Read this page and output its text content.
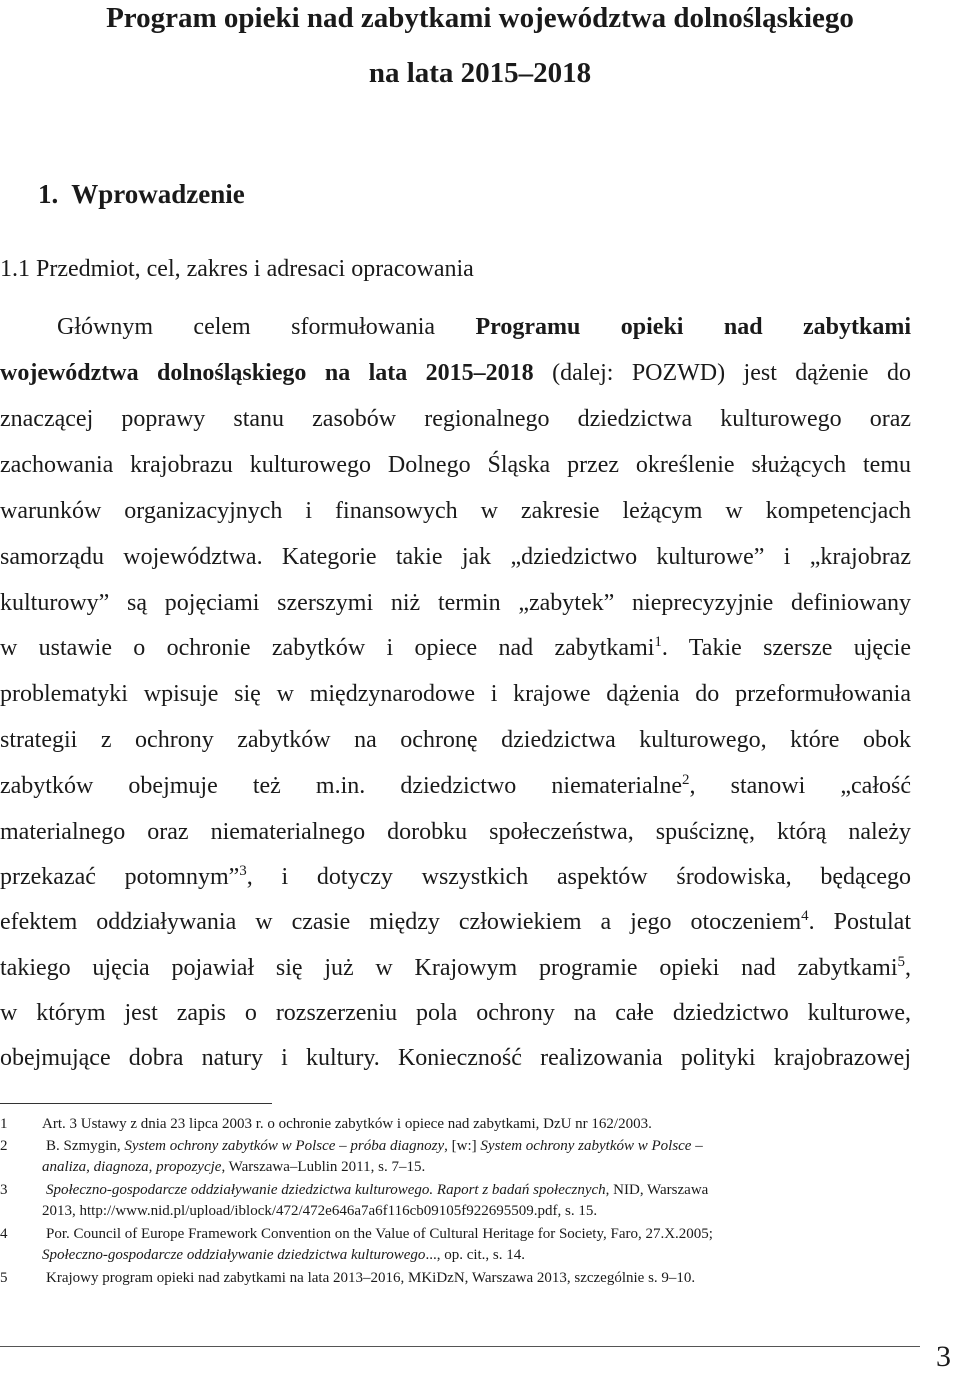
Program opieki nad zabytkami województwa dolnośląskiego
na lata 2015–2018
1.  Wprowadzenie
1.1 Przedmiot, cel, zakres i adresaci opracowania
Głównym celem sformułowania Programu opieki nad zabytkami
województwa dolnośląskiego na lata 2015–2018 (dalej: POZWD) jest dążenie do
znaczącej poprawy stanu zasobów regionalnego dziedzictwa kulturowego oraz
zachowania krajobrazu kulturowego Dolnego Śląska przez określenie służących temu
warunków organizacyjnych i finansowych w zakresie leżącym w kompetencjach
samorządu województwa. Kategorie takie jak „dziedzictwo kulturowe” i „krajobraz
kulturowy” są pojęciami szerszymi niż termin „zabytek” nieprecyzyjnie definiowany
w ustawie o ochronie zabytków i opiece nad zabytkami$^1$. Takie szersze ujęcie
problematyki wpisuje się w międzynarodowe i krajowe dążenia do przeformułowania
strategii z ochrony zabytków na ochronę dziedzictwa kulturowego, które obok
zabytków obejmuje też m.in. dziedzictwo niematerialne$^2$, stanowi „całość
materialnego oraz niematerialnego dorobku społeczeństwa, spuściznę, którą należy
przekazać potomnym”$^3$, i dotyczy wszystkich aspektów środowiska, będącego
efektem oddziaływania w czasie między człowiekiem a jego otoczeniem$^4$. Postulat
takiego ujęcia pojawiał się już w Krajowym programie opieki nad zabytkami$^5$,
w którym jest zapis o rozszerzeniu pola ochrony na całe dziedzictwo kulturowe,
obejmujące dobra natury i kultury. Konieczność realizowania polityki krajobrazowej
1 Art. 3 Ustawy z dnia 23 lipca 2003 r. o ochronie zabytków i opiece nad zabytkami, DzU nr 162/2003.
2	B. Szmygin, System ochrony zabytków w Polsce – próba diagnozy, [w:] System ochrony zabytków w Polsce –
analiza, diagnoza, propozycje, Warszawa–Lublin 2011, s. 7–15.
3	Społeczno-gospodarcze oddziaływanie dziedzictwa kulturowego. Raport z badań społecznych, NID, Warszawa
2013, http://www.nid.pl/upload/iblock/472/472e646a7a6f116cb09105f922695509.pdf, s. 15.
4	Por. Council of Europe Framework Convention on the Value of Cultural Heritage for Society, Faro, 27.X.2005;
Społeczno-gospodarcze oddziaływanie dziedzictwa kulturowego..., op. cit., s. 14.
5	Krajowy program opieki nad zabytkami na lata 2013–2016, MKiDzN, Warszawa 2013, szczególnie s. 9–10.
3
